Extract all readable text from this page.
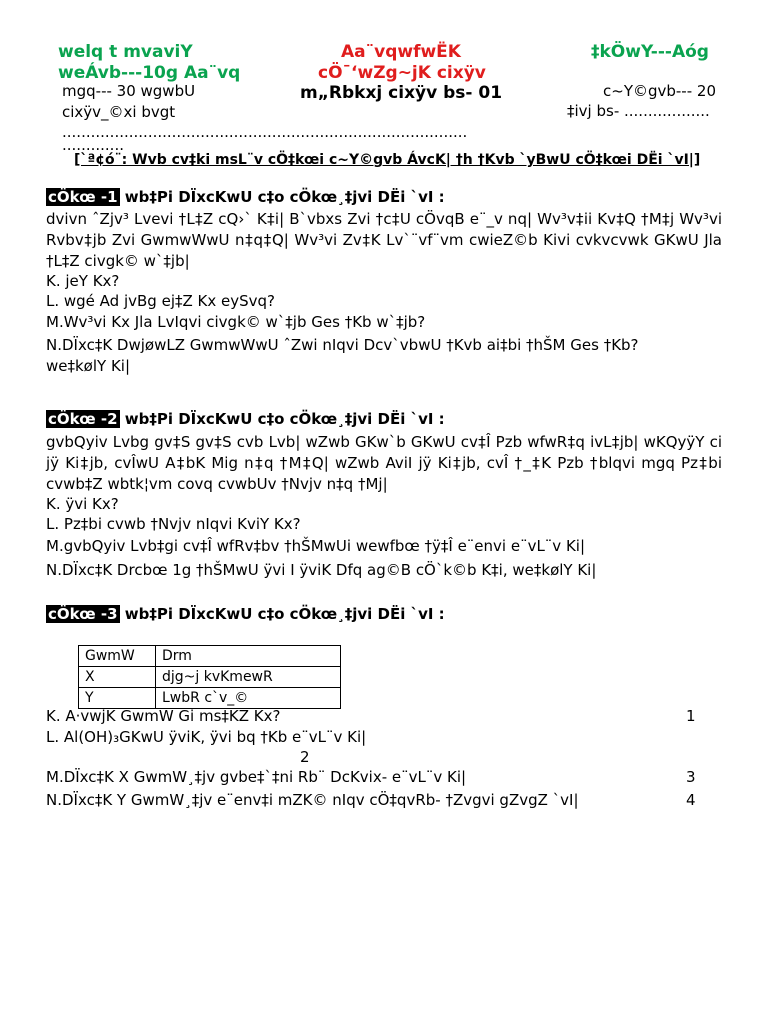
welq t mvaviY
weÁvb---10g Aa¨vq
Aa¨vqwfwËK
cÖ¯‘wZg~jK cixÿv
m„Rbkxj cixÿv bs- 01
‡kÖwY---Aóg
mgq--- 30 wgwbU	c~Y©gvb--- 20
cixÿv_©xi bvgt .....................................................................................
.............
‡ivj bs- ..................
[`ª¢ó¨: Wvb cv‡ki msL¨v cÖ‡kœi c~Y©gvb ÁvcK| †h †Kvb `yBwU cÖ‡kœi DËi `vI|]
cÖkœ -1 wb‡Pi DÏxcKwU c‡o cÖkœ¸‡jvi DËi `vI :
dvivn ˆZjv³ Lvevi †L‡Z cQ›` K‡i| B`vbxs Zvi †c‡U cÖvqB e¨_v nq| Wv³v‡ii Kv‡Q †M‡j Wv³vi Rvbv‡jb Zvi GwmwWwU n‡q‡Q| Wv³vi Zv‡K Lv`¨vf¨vm cwieZ©b Kivi cvkvcvwk GKwU Jla †L‡Z civgk© w`‡jb|
K. jeY Kx?
L. wgé Ad jvBg ej‡Z Kx eySvq?
M.Wv³vi Kx Jla LvIqvi civgk© w`‡jb Ges †Kb w`‡jb?
N.DÏxc‡K DwjøwLZ GwmwWwU ˆZwi nIqvi Dcv`vbwU †Kvb ai‡bi †hŠM Ges †Kb?
we‡kølY Ki|
cÖkœ -2 wb‡Pi DÏxcKwU c‡o cÖkœ¸‡jvi DËi `vI :
gvbQyiv Lvbg gv‡S gv‡S cvb Lvb| wZwb GKw`b GKwU cv‡Î Pzb wfwR‡q ivL‡jb| wKQyÿY ci jÿ Ki‡jb, cvÎwU A‡bK Mig n‡q †M‡Q| wZwb AviI jÿ Ki‡jb, cvÎ †_‡K Pzb †blqvi mgq Pz‡bi cvwb‡Z wbtk¦vm covq cvwbUv †Nvjv n‡q †Mj|
K. ÿvi Kx?
L. Pz‡bi cvwb †Nvjv nIqvi KviY Kx?
M.gvbQyiv Lvb‡gi cv‡Î wfRv‡bv †hŠMwUi wewfbœ †ÿ‡Î e¨envi e¨vL¨v Ki|
N.DÏxc‡K Drcbœ 1g †hŠMwU ÿvi I ÿviK Dfq ag©B cÖ`k©b K‡i, we‡kølY Ki|
cÖkœ -3 wb‡Pi DÏxcKwU c‡o cÖkœ¸‡jvi DËi `vI :
GwmW	Drm
X	djg~j kvKmewR
Y	LwbR c`v_©
K. A·vwjK GwmW Gi ms‡KZ Kx?	1
L. Al(OH)₃GKwU ÿviK, ÿvi bq †Kb e¨vL¨v Ki|
2
M.DÏxc‡K X GwmW¸‡jv gvbe‡`‡ni Rb¨ DcKvix- e¨vL¨v Ki|	3
N.DÏxc‡K Y GwmW¸‡jv e¨env‡i mZK© nIqv cÖ‡qvRb- †Zvgvi gZvgZ `vI|	4
